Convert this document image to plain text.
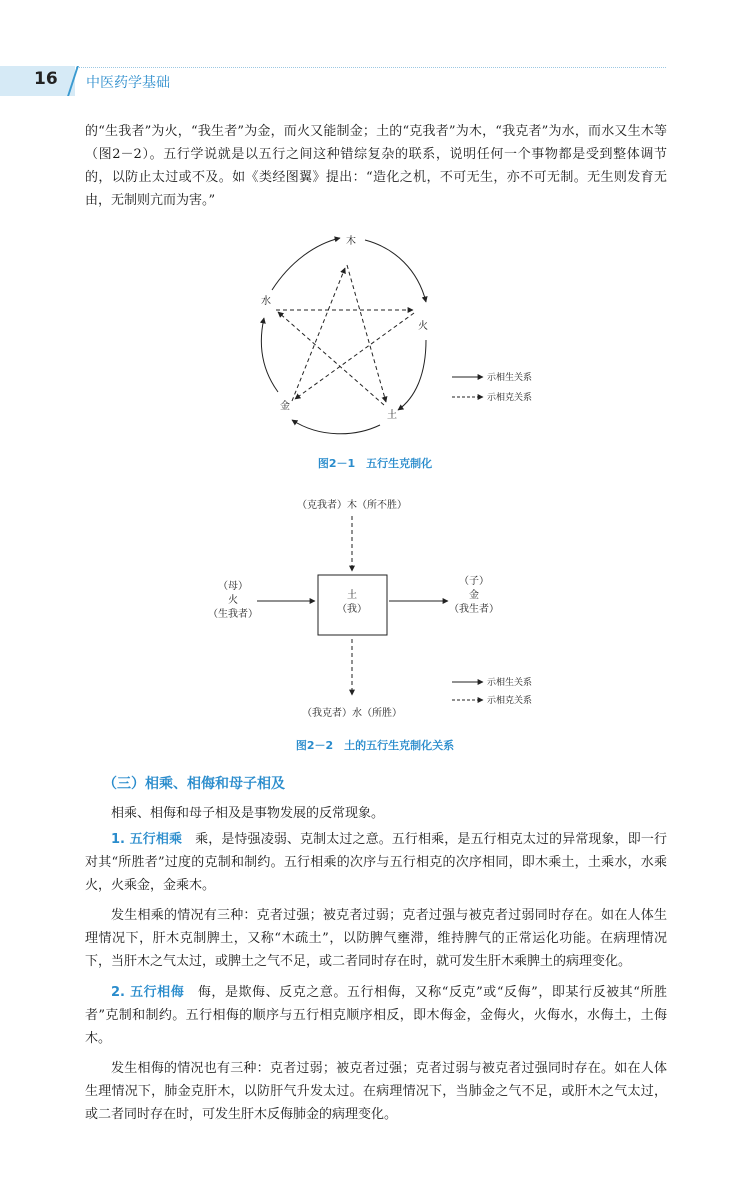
16 中医药学基础

的“生我者”为火，“我生者”为金，而火又能制金；土的“克我者”为木，“我克者”为水，而水又生木等（图2－2）。五行学说就是以五行之间这种错综复杂的联系，说明任何一个事物都是受到整体调节的，以防止太过或不及。如《类经图翼》提出：“造化之机，不可无生，亦不可无制。无生则发育无由，无制则亢而为害。”

木
水
火
金
土
示相生关系
示相克关系
图2－1　五行生克制化
（克我者）木（所不胜）
土
（我）
（母）
火
（生我者）
（子）
金
（我生者）
（我克者）水（所胜）
示相生关系
示相克关系
图2－2　土的五行生克制化关系
（三）相乘、相侮和母子相及

相乘、相侮和母子相及是事物发展的反常现象。

1. 五行相乘　 乘，是恃强凌弱、克制太过之意。五行相乘，是五行相克太过的异常现象，即一行对其“所胜者”过度的克制和制约。五行相乘的次序与五行相克的次序相同，即木乘土，土乘水，水乘火，火乘金，金乘木。

发生相乘的情况有三种：克者过强；被克者过弱；克者过强与被克者过弱同时存在。如在人体生理情况下，肝木克制脾土，又称“木疏土”，以防脾气壅滞，维持脾气的正常运化功能。在病理情况下，当肝木之气太过，或脾土之气不足，或二者同时存在时，就可发生肝木乘脾土的病理变化。

2. 五行相侮　 侮，是欺侮、反克之意。五行相侮，又称“反克”或“反侮”，即某行反被其“所胜者”克制和制约。五行相侮的顺序与五行相克顺序相反，即木侮金，金侮火，火侮水，水侮土，土侮木。

发生相侮的情况也有三种：克者过弱；被克者过强；克者过弱与被克者过强同时存在。如在人体生理情况下，肺金克肝木，以防肝气升发太过。在病理情况下，当肺金之气不足，或肝木之气太过，或二者同时存在时，可发生肝木反侮肺金的病理变化。
